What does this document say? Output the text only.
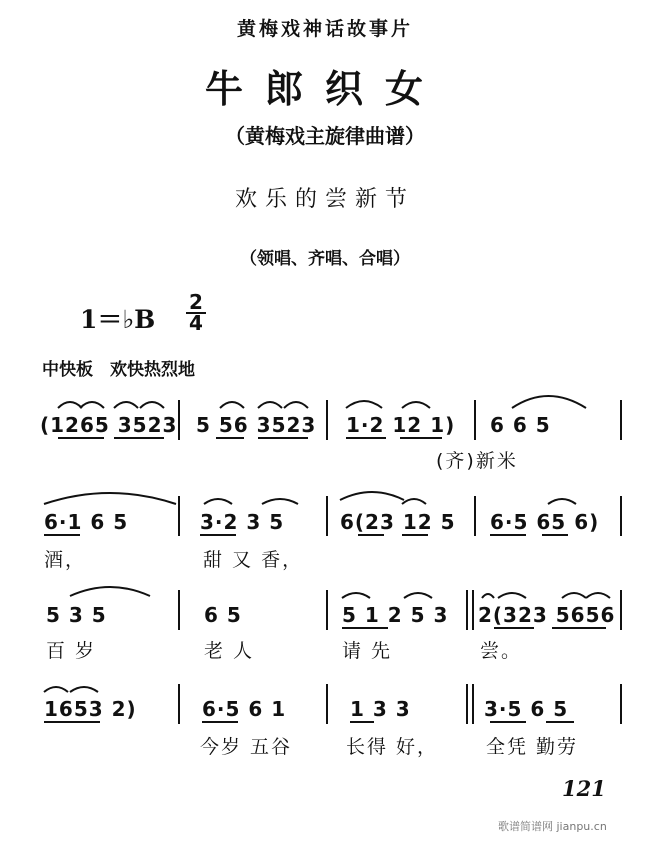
黄梅戏神话故事片
牛郎织女
（黄梅戏主旋律曲谱）
欢乐的尝新节
（领唱、齐唱、合唱）
1＝♭B $\frac{2}{4}$
中快板　欢快热烈地
(1265 3523 5 56 3523 1·2 12 1) 6 6 5
(齐)新米
6·1 6 5	3·2 3 5	6(23 12 5 6·5 65 6)
酒，	甜 又 香，
5 3 5	6 5	5 1 2 5 3 2(323 5656
百 岁	老 人	请 先	尝。
1653 2)	6·5 6 1	1 3 3	3·5 6 5
今岁 五谷	长得 好，	全凭 勤劳
121
歌谱简谱网 jianpu.cn
